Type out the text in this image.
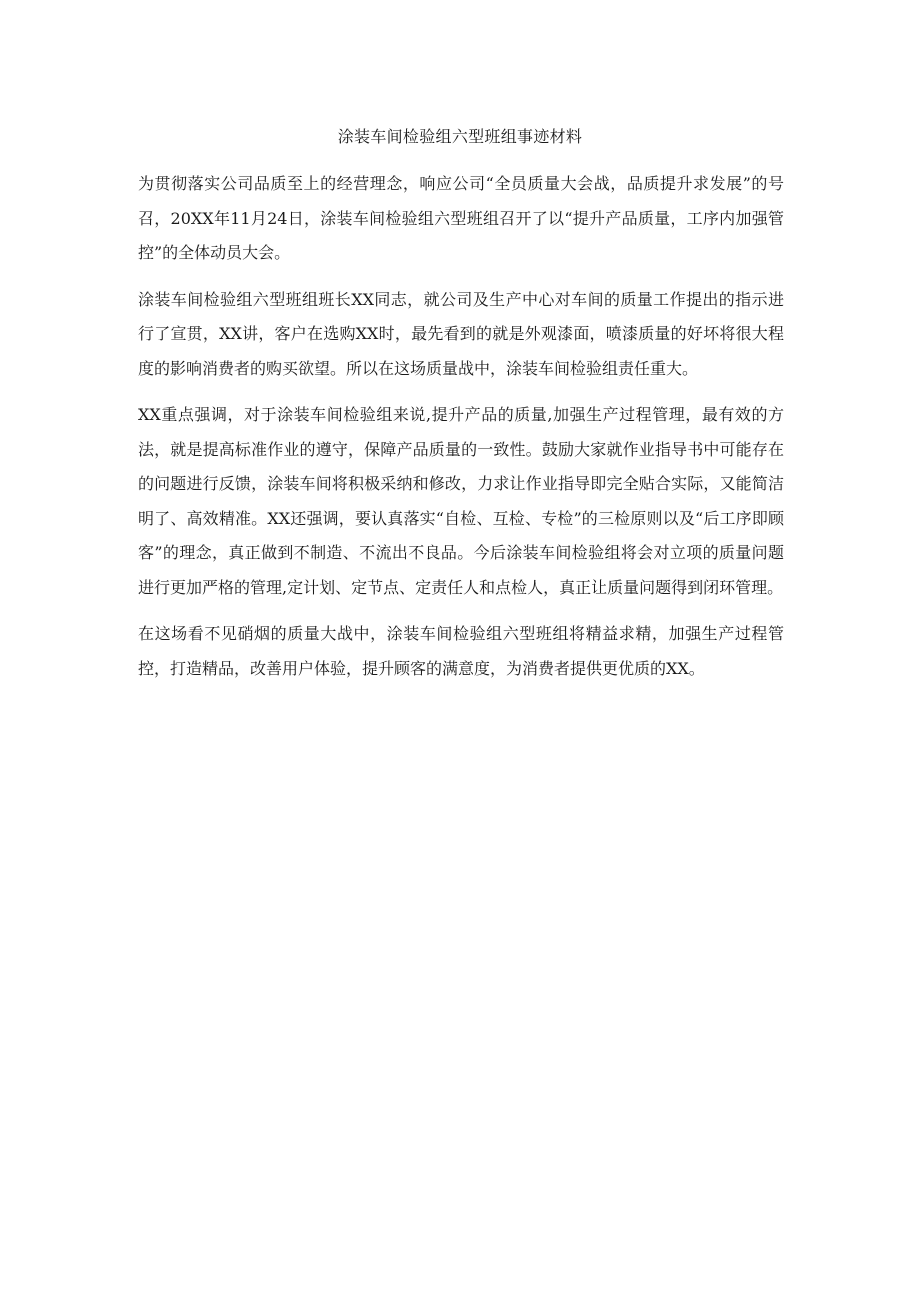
涂装车间检验组六型班组事迹材料

为贯彻落实公司品质至上的经营理念，响应公司“全员质量大会战，品质提升求发展”的号召，20XX年11月24日，涂装车间检验组六型班组召开了以“提升产品质量，工序内加强管控”的全体动员大会。

涂装车间检验组六型班组班长XX同志，就公司及生产中心对车间的质量工作提出的指示进行了宣贯，XX讲，客户在选购XX时，最先看到的就是外观漆面，喷漆质量的好坏将很大程度的影响消费者的购买欲望。所以在这场质量战中，涂装车间检验组责任重大。

XX重点强调，对于涂装车间检验组来说,提升产品的质量,加强生产过程管理，最有效的方法，就是提高标准作业的遵守，保障产品质量的一致性。鼓励大家就作业指导书中可能存在的问题进行反馈，涂装车间将积极采纳和修改，力求让作业指导即完全贴合实际，又能简洁明了、高效精准。XX还强调，要认真落实“自检、互检、专检”的三检原则以及“后工序即顾客”的理念，真正做到不制造、不流出不良品。今后涂装车间检验组将会对立项的质量问题进行更加严格的管理,定计划、定节点、定责任人和点检人，真正让质量问题得到闭环管理。

在这场看不见硝烟的质量大战中，涂装车间检验组六型班组将精益求精，加强生产过程管控，打造精品，改善用户体验，提升顾客的满意度，为消费者提供更优质的XX。
